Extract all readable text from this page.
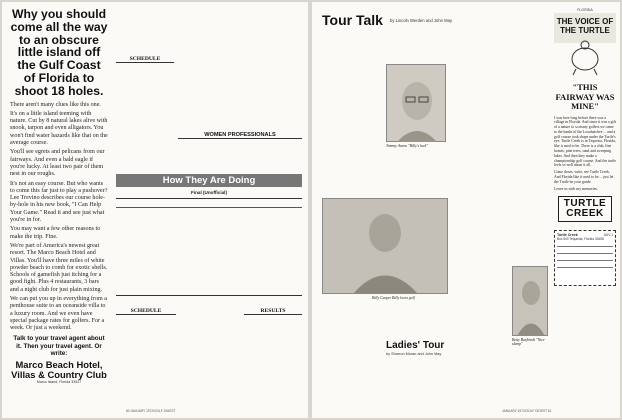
Why you should come all the way to an obscure little island off the Gulf Coast of Florida to shoot 18 holes.
There aren't many clues like this one.
It's on a little island teeming with nature. Cut by 8 natural lakes alive with snook, tarpon and even alligators. You won't find water hazards like that on the average course.
You'll see egrets and pelicans from our fairways. And even a bald eagle if you're lucky. At least two pair of them nest in our roughs.
It's not an easy course. But who wants to come this far just to play a pushover? Lee Trevino describes our course hole-by-hole in his new book, "I Can Help Your Game." Read it and see just what you're in for.
You may want a few other reasons to make the trip. Fine.
We're part of America's newest great resort. The Marco Beach Hotel and Villas. You'll have three miles of white powder beach to comb for exotic shells. Schools of gamefish just itching for a good fight. Plus 4 restaurants, 3 bars and a night club for just plain mixing.
We can put you up in everything from a penthouse suite to an oceanside villa to a luxury room. And we even have special package rates for golfers. For a week. Or just a weekend.
Talk to your travel agent about it. Then your travel agent. Or write:
Marco Beach Hotel, Villas & Country Club
Marco Island, Florida 33937
SCHEDULE
WOMEN PROFESSIONALS
How They Are Doing
Final (Unofficial)
SCHEDULE	RESULTS
60 JANUARY 1972/GOLF DIGEST
Tour Talk by Lincoln Werden and John May
Tommy Aaron "Billy's luck"
Billy Casper Billy loves golf
Ladies' Tour
by Sharron Moran and John May
Betty Burfeindt "Nice slump"
FLORIDA
THE VOICE OF
THE TURTLE
"THIS FAIRWAY WAS MINE"
I was here long before there was a village in Florida. And since it was a gift of a nature to so many golfers we came to the banks of the Loxahatchee ... and a golf course took shape under the Turtle's eye. Turtle Creek is in Tequesta, Florida, like it used to be. There is a club, fine homes, pine trees, sand and sweeping lakes. And then they make a championship golf course. And the turtle feels so well about it all.
Come down, write, see Turtle Creek. And Florida like it used to be ... just let the Turtle be your guide.
Leave us with my memories.
TURTLE
CREEK
Turtle Creek
Box 600 Tequesta, Florida 33458
ADV-1
JANUARY 1972/GOLF DIGEST 61
